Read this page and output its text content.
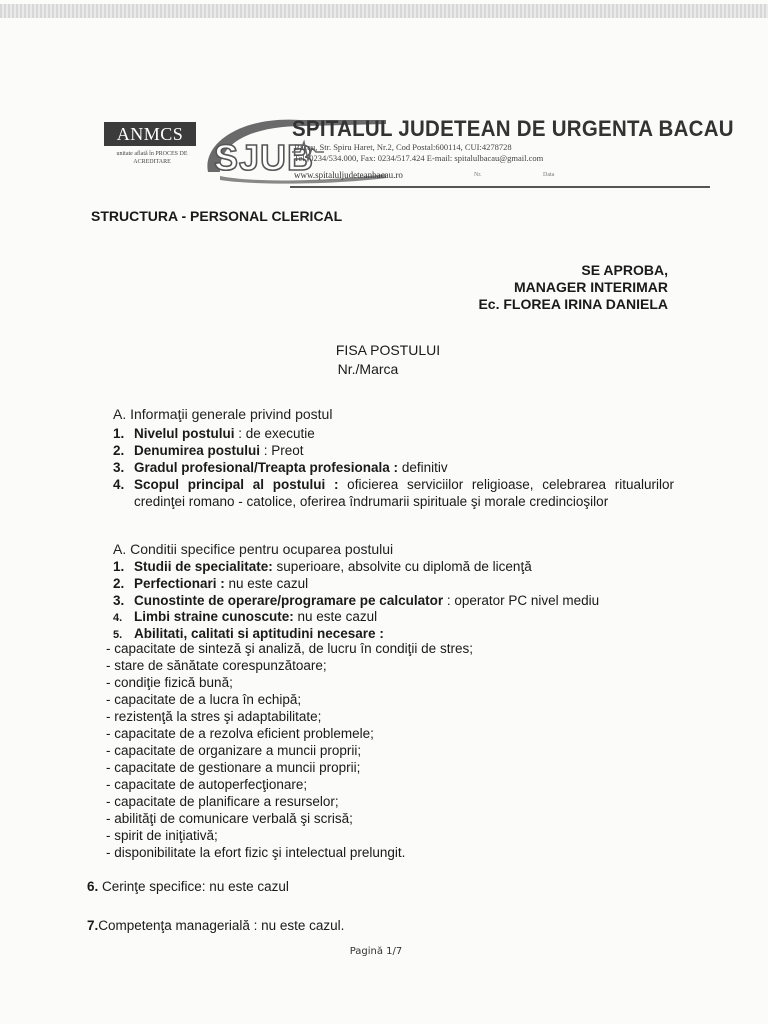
ANMCS
unitate aflată în PROCES DE ACREDITARE	SJUB
SPITALUL JUDETEAN DE URGENTA BACAU
Bacau, Str. Spiru Haret, Nr.2, Cod Postal:600114, CUI:4278728
Tel: 0234/534.000, Fax: 0234/517.424 E-mail: spitalulbacau@gmail.com
www.spitaluljudeteanbacau.ro	Nr.	Data
STRUCTURA - PERSONAL CLERICAL
SE APROBA,
MANAGER INTERIMAR
Ec. FLOREA IRINA DANIELA
FISA POSTULUI
Nr./Marca
A. Informaţii generale privind postul
1. Nivelul postului : de executie
2. Denumirea postului : Preot
3. Gradul profesional/Treapta profesionala : definitiv
4. Scopul principal al postului : oficierea serviciilor religioase, celebrarea ritualurilor credinţei romano - catolice, oferirea îndrumarii spirituale şi morale credincioşilor
A. Conditii specifice pentru ocuparea postului
1. Studii de specialitate: superioare, absolvite cu diplomă de licenţă
2. Perfectionari : nu este cazul
3. Cunostinte de operare/programare pe calculator : operator PC nivel mediu
4. Limbi straine cunoscute: nu este cazul
5. Abilitati, calitati si aptitudini necesare :
- capacitate de sinteză şi analiză, de lucru în condiţii de stres;
- stare de sănătate corespunzătoare;
- condiţie fizică bună;
- capacitate de a lucra în echipă;
- rezistenţă la stres şi adaptabilitate;
- capacitate de a rezolva eficient problemele;
- capacitate de organizare a muncii proprii;
- capacitate de gestionare a muncii proprii;
- capacitate de autoperfecţionare;
- capacitate de planificare a resurselor;
- abilităţi de comunicare verbală şi scrisă;
- spirit de iniţiativă;
- disponibilitate la efort fizic şi intelectual prelungit.
6. Cerinţe specifice: nu este cazul
7.Competenţa managerială : nu este cazul.
Pagină 1/7
